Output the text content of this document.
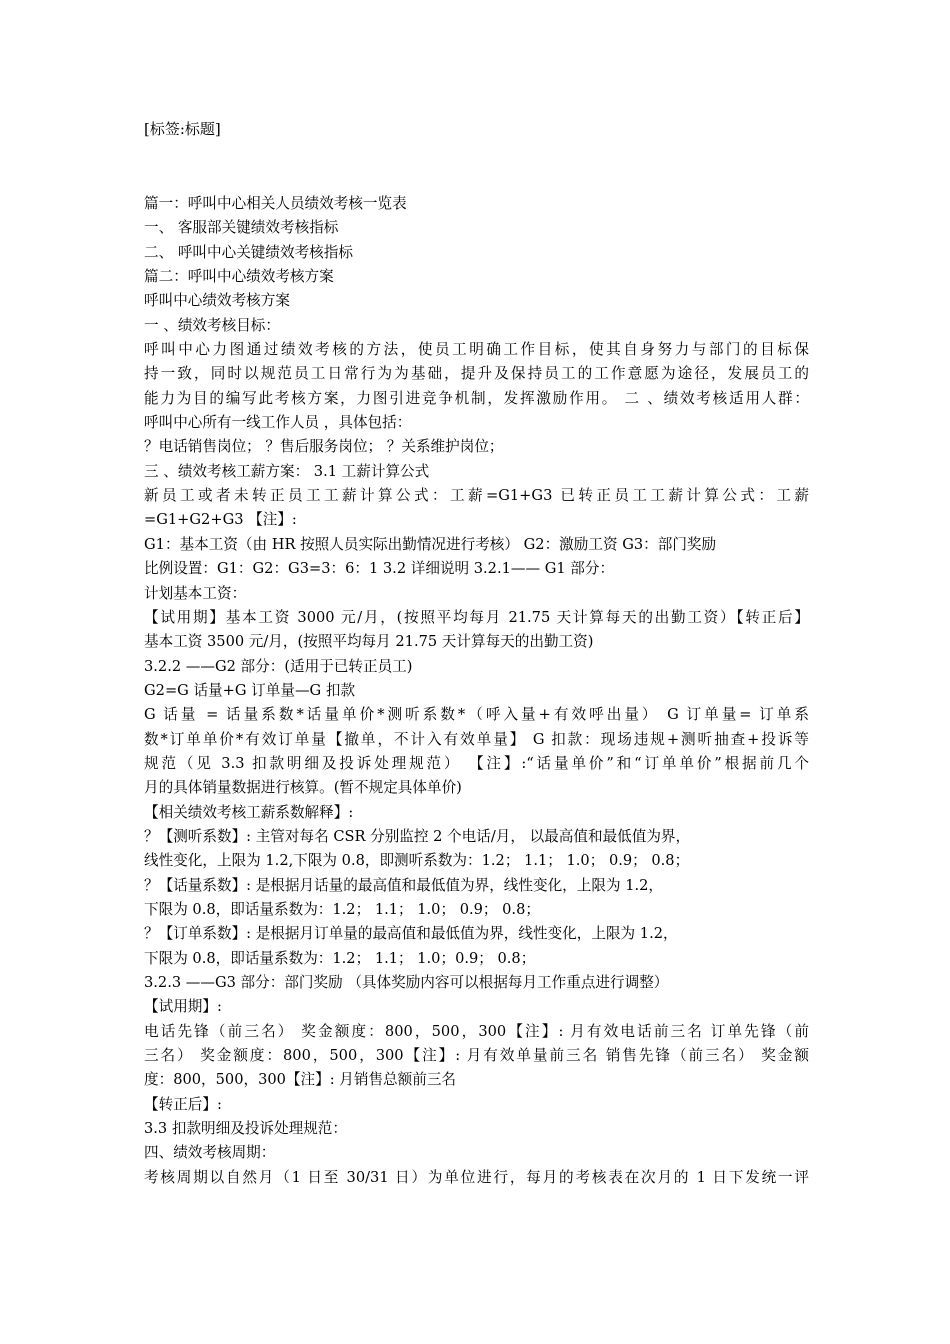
[标签:标题]
篇一：呼叫中心相关人员绩效考核一览表
一、 客服部关键绩效考核指标
二、 呼叫中心关键绩效考核指标
篇二：呼叫中心绩效考核方案
呼叫中心绩效考核方案
一 、绩效考核目标：
呼叫中心力图通过绩效考核的方法，使员工明确工作目标，使其自身努力与部门的目标保
持一致，同时以规范员工日常行为为基础，提升及保持员工的工作意愿为途径，发展员工的
能力为目的编写此考核方案，力图引进竞争机制，发挥激励作用。 二 、绩效考核适用人群：
呼叫中心所有一线工作人员 ，具体包括：
？电话销售岗位； ？售后服务岗位； ？关系维护岗位；
三 、绩效考核工薪方案： 3.1 工薪计算公式
新员工或者未转正员工工薪计算公式：工薪=G1+G3 已转正员工工薪计算公式：工薪
=G1+G2+G3 【注】:
G1：基本工资（由 HR 按照人员实际出勤情况进行考核） G2：激励工资 G3：部门奖励
比例设置：G1：G2：G3=3：6：1 3.2 详细说明 3.2.1—— G1 部分：
计划基本工资：
【试用期】基本工资 3000 元/月，(按照平均每月 21.75 天计算每天的出勤工资）【转正后】
基本工资 3500 元/月，(按照平均每月 21.75 天计算每天的出勤工资)
3.2.2 ——G2 部分：(适用于已转正员工)
G2=G 话量+G 订单量—G 扣款
G 话量 = 话量系数*话量单价*测听系数*（呼入量+有效呼出量） G 订单量= 订单系
数*订单单价*有效订单量【撤单，不计入有效单量】 G 扣款：现场违规+测听抽查+投诉等
规范（见 3.3 扣款明细及投诉处理规范） 【注】:“话量单价”和“订单单价”根据前几个
月的具体销量数据进行核算。(暂不规定具体单价)
【相关绩效考核工薪系数解释】:
？【测听系数】: 主管对每名 CSR 分别监控 2 个电话/月， 以最高值和最低值为界，
线性变化，上限为 1.2,下限为 0.8，即测听系数为：1.2； 1.1； 1.0； 0.9； 0.8；
？【话量系数】: 是根据月话量的最高值和最低值为界，线性变化，上限为 1.2，
下限为 0.8，即话量系数为：1.2； 1.1； 1.0； 0.9； 0.8；
？【订单系数】: 是根据月订单量的最高值和最低值为界，线性变化，上限为 1.2，
下限为 0.8，即话量系数为：1.2； 1.1； 1.0；0.9； 0.8；
3.2.3 ——G3 部分：部门奖励 （具体奖励内容可以根据每月工作重点进行调整）
【试用期】:
电话先锋（前三名） 奖金额度：800，500，300【注】: 月有效电话前三名 订单先锋（前
三名） 奖金额度：800，500，300【注】: 月有效单量前三名 销售先锋（前三名） 奖金额
度：800，500，300【注】: 月销售总额前三名
【转正后】:
3.3 扣款明细及投诉处理规范：
四、绩效考核周期：
考核周期以自然月（1 日至 30/31 日）为单位进行，每月的考核表在次月的 1 日下发统一评
